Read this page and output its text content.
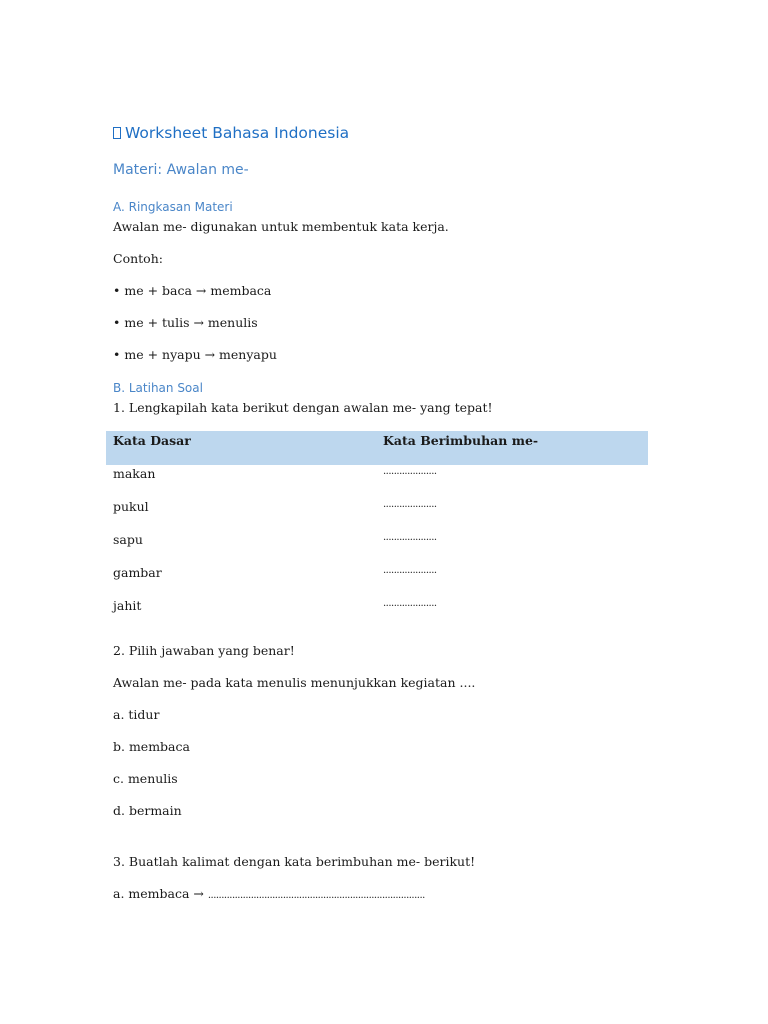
Worksheet Bahasa Indonesia
Materi: Awalan me-
A. Ringkasan Materi
Awalan me- digunakan untuk membentuk kata kerja.
Contoh:
• me + baca → membaca
• me + tulis → menulis
• me + nyapu → menyapu
B. Latihan Soal
1. Lengkapilah kata berikut dengan awalan me- yang tepat!
Kata Dasar	Kata Berimbuhan me-
makan	....................
pukul	....................
sapu	....................
gambar	....................
jahit	....................
2. Pilih jawaban yang benar!
Awalan me- pada kata menulis menunjukkan kegiatan ....
a. tidur
b. membaca
c. menulis
d. bermain
3. Buatlah kalimat dengan kata berimbuhan me- berikut!
a. membaca → .................................................................................
